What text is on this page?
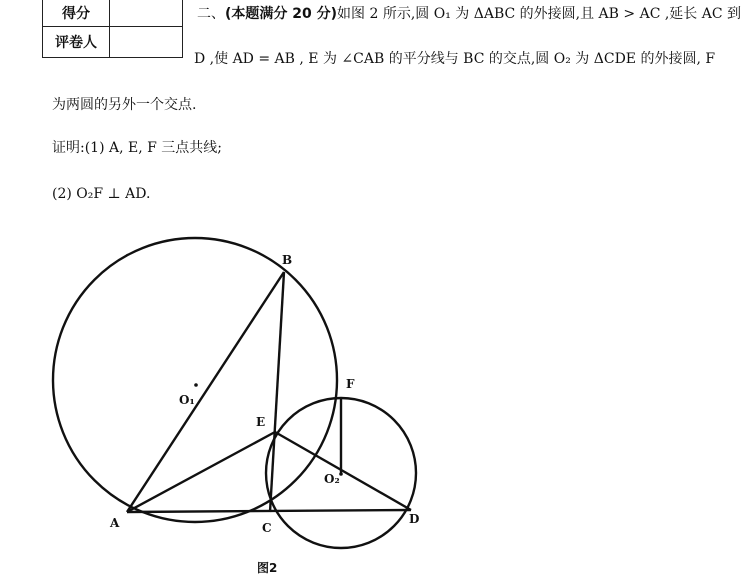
得分	
评卷人	
二、(本题满分 20 分)如图 2 所示,圆 O₁ 为 ΔABC 的外接圆,且 AB > AC ,延长 AC 到
D ,使 AD = AB , E 为 ∠CAB 的平分线与 BC 的交点,圆 O₂ 为 ΔCDE 的外接圆, F
为两圆的另外一个交点.
证明:(1) A, E, F 三点共线;
(2) O₂F ⊥ AD.
A
B
C
D
E
F
O₁
O₂
图2
